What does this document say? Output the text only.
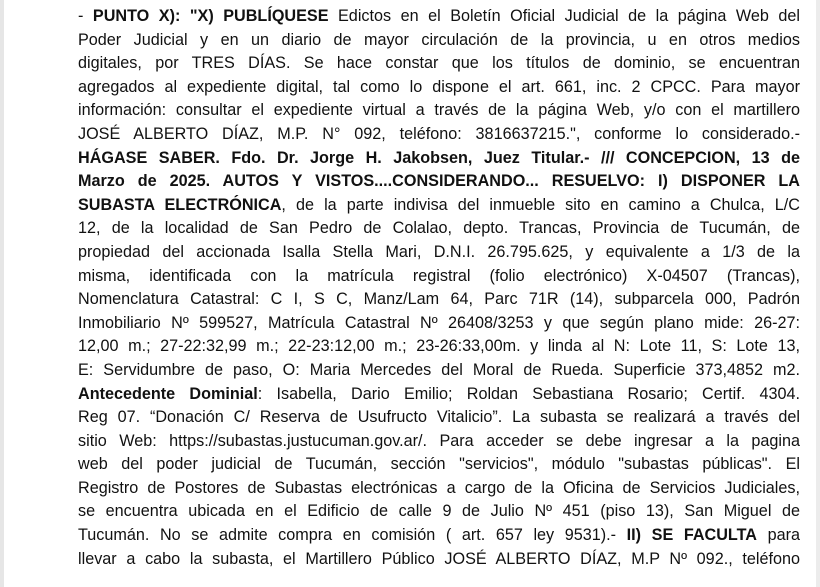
- PUNTO X): "X) PUBLÍQUESE Edictos en el Boletín Oficial Judicial de la página Web del
Poder Judicial y en un diario de mayor circulación de la provincia, u en otros medios
digitales, por TRES DÍAS. Se hace constar que los títulos de dominio, se encuentran
agregados al expediente digital, tal como lo dispone el art. 661, inc. 2 CPCC. Para mayor
información: consultar el expediente virtual a través de la página Web, y/o con el martillero
JOSÉ ALBERTO DÍAZ, M.P. N° 092, teléfono: 3816637215.", conforme lo considerado.-
HÁGASE SABER. Fdo. Dr. Jorge H. Jakobsen, Juez Titular.- /// CONCEPCION, 13 de
Marzo de 2025. AUTOS Y VISTOS....CONSIDERANDO... RESUELVO: I) DISPONER LA
SUBASTA ELECTRÓNICA, de la parte indivisa del inmueble sito en camino a Chulca, L/C
12, de la localidad de San Pedro de Colalao, depto. Trancas, Provincia de Tucumán, de
propiedad del accionada Isalla Stella Mari, D.N.I. 26.795.625, y equivalente a 1/3 de la
misma, identificada con la matrícula registral (folio electrónico) X-04507 (Trancas),
Nomenclatura Catastral: C I, S C, Manz/Lam 64, Parc 71R (14), subparcela 000, Padrón
Inmobiliario Nº 599527, Matrícula Catastral Nº 26408/3253 y que según plano mide: 26-27:
12,00 m.; 27-22:32,99 m.; 22-23:12,00 m.; 23-26:33,00m. y linda al N: Lote 11, S: Lote 13,
E: Servidumbre de paso, O: Maria Mercedes del Moral de Rueda. Superficie 373,4852 m2.
Antecedente Dominial: Isabella, Dario Emilio; Roldan Sebastiana Rosario; Certif. 4304.
Reg 07. “Donación C/ Reserva de Usufructo Vitalicio”. La subasta se realizará a través del
sitio Web: https://subastas.justucuman.gov.ar/. Para acceder se debe ingresar a la pagina
web del poder judicial de Tucumán, sección "servicios", módulo "subastas públicas". El
Registro de Postores de Subastas electrónicas a cargo de la Oficina de Servicios Judiciales,
se encuentra ubicada en el Edificio de calle 9 de Julio Nº 451 (piso 13), San Miguel de
Tucumán. No se admite compra en comisión ( art. 657 ley 9531).- II) SE FACULTA para
llevar a cabo la subasta, el Martillero Público JOSÉ ALBERTO DÍAZ, M.P Nº 092., teléfono
